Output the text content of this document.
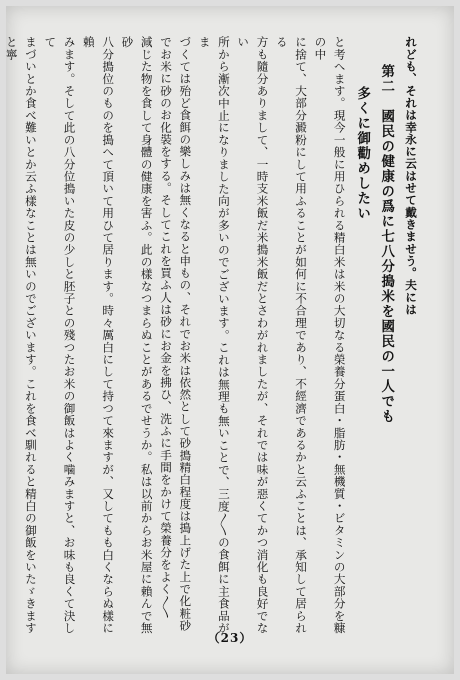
れども、それは幸永に云はせて戴きませう。夫には

第二　國民の健康の爲に七八分搗米を國民の一人でも

多くに御勸めしたい

と考へます。現今一般に用ひられる精白米は米の大切なる榮養分蛋白・脂肪・無機質・ビタミンの大部分を糠の中

に捨て、大部分澱粉にして用ふることが如何に不合理であり、不經濟であるかと云ふことは、承知して居られる

方も隨分ありまして、一時支米飯だ米搗米飯だとさわがれましたが、それでは味が惡くてかつ消化も良好でない

所から漸次中止になりました向が多いのでございます。これは無理も無いことで、三度〳〵の食餌に主食品がま

づくては殆ど食餌の樂しみは無くなると申もの、それでお米は依然として砂搗精白程度は搗上げた上で化粧砂

でお米に砂のお化裝をする。そしてこれを買ふ人は砂にお金を拂ひ、洗ふに手間をかけて榮養分をよく〳〵

減じた物を食して身體の健康を害ふ。此の樣なつまらぬことがあるでせうか。私は以前からお米屋に賴んで無砂

八分搗位のものを搗へて頂いて用ひて居ります。時々厲白にして持つて來ますが、又してもも白くならぬ樣に賴

みます。そして此の八分位搗いた皮の少しと胚子との殘つたお米の御飯はよく噛みますと、お味も良くて決して

まづいとか食べ難いとか云ふ樣なことは無いのでございます。これを食べ馴れると精白の御飯をいたゞきますと寧

（23）
